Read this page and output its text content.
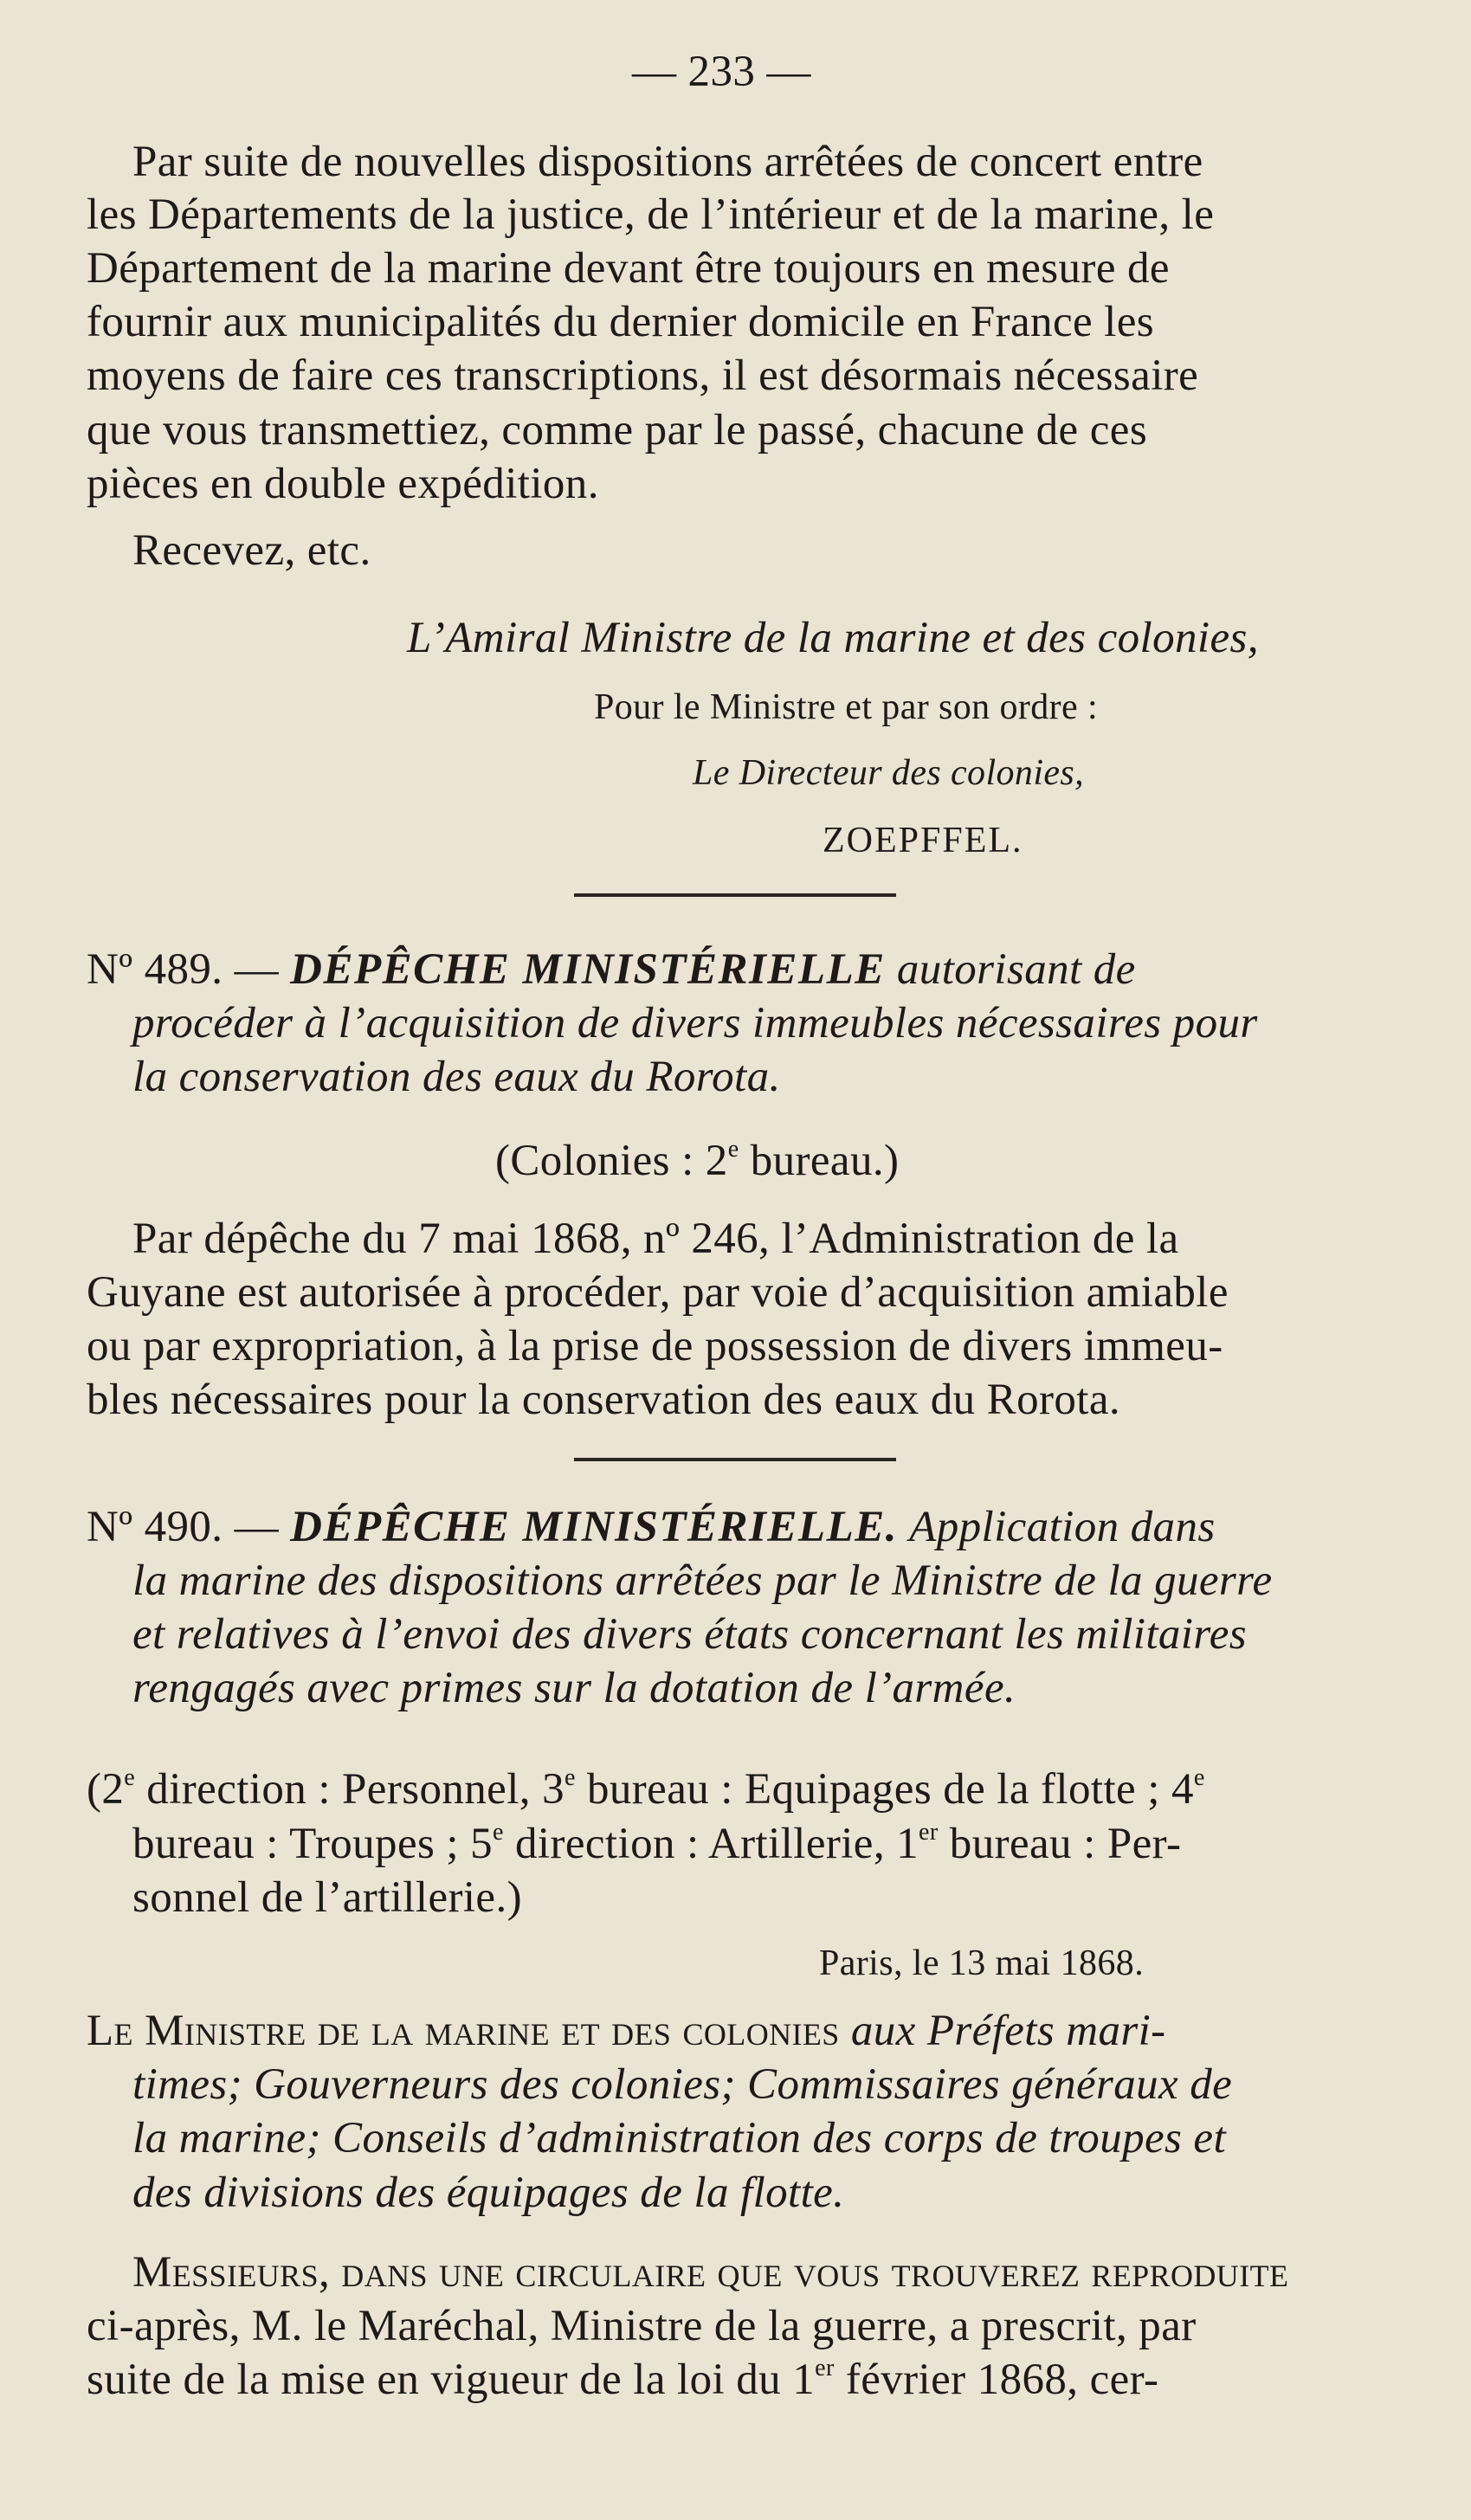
— 233 —
Par suite de nouvelles dispositions arrêtées de concert entre
les Départements de la justice, de l’intérieur et de la marine, le
Département de la marine devant être toujours en mesure de
fournir aux municipalités du dernier domicile en France les
moyens de faire ces transcriptions, il est désormais nécessaire
que vous transmettiez, comme par le passé, chacune de ces
pièces en double expédition.
Recevez, etc.
L’Amiral Ministre de la marine et des colonies,
Pour le Ministre et par son ordre :
Le Directeur des colonies,
ZOEPFFEL.
Nº 489. — DÉPÊCHE MINISTÉRIELLE autorisant de
procéder à l’acquisition de divers immeubles nécessaires pour
la conservation des eaux du Rorota.
(Colonies : 2e bureau.)
Par dépêche du 7 mai 1868, nº 246, l’Administration de la
Guyane est autorisée à procéder, par voie d’acquisition amiable
ou par expropriation, à la prise de possession de divers immeu-
bles nécessaires pour la conservation des eaux du Rorota.
Nº 490. — DÉPÊCHE MINISTÉRIELLE. Application dans
la marine des dispositions arrêtées par le Ministre de la guerre
et relatives à l’envoi des divers états concernant les militaires
rengagés avec primes sur la dotation de l’armée.
(2e direction : Personnel, 3e bureau : Equipages de la flotte ; 4e
bureau : Troupes ; 5e direction : Artillerie, 1er bureau : Per-
sonnel de l’artillerie.)
Paris, le 13 mai 1868.
Le Ministre de la marine et des colonies aux Préfets mari-
times; Gouverneurs des colonies; Commissaires généraux de
la marine; Conseils d’administration des corps de troupes et
des divisions des équipages de la flotte.
Messieurs, dans une circulaire que vous trouverez reproduite
ci-après, M. le Maréchal, Ministre de la guerre, a prescrit, par
suite de la mise en vigueur de la loi du 1er février 1868, cer-
